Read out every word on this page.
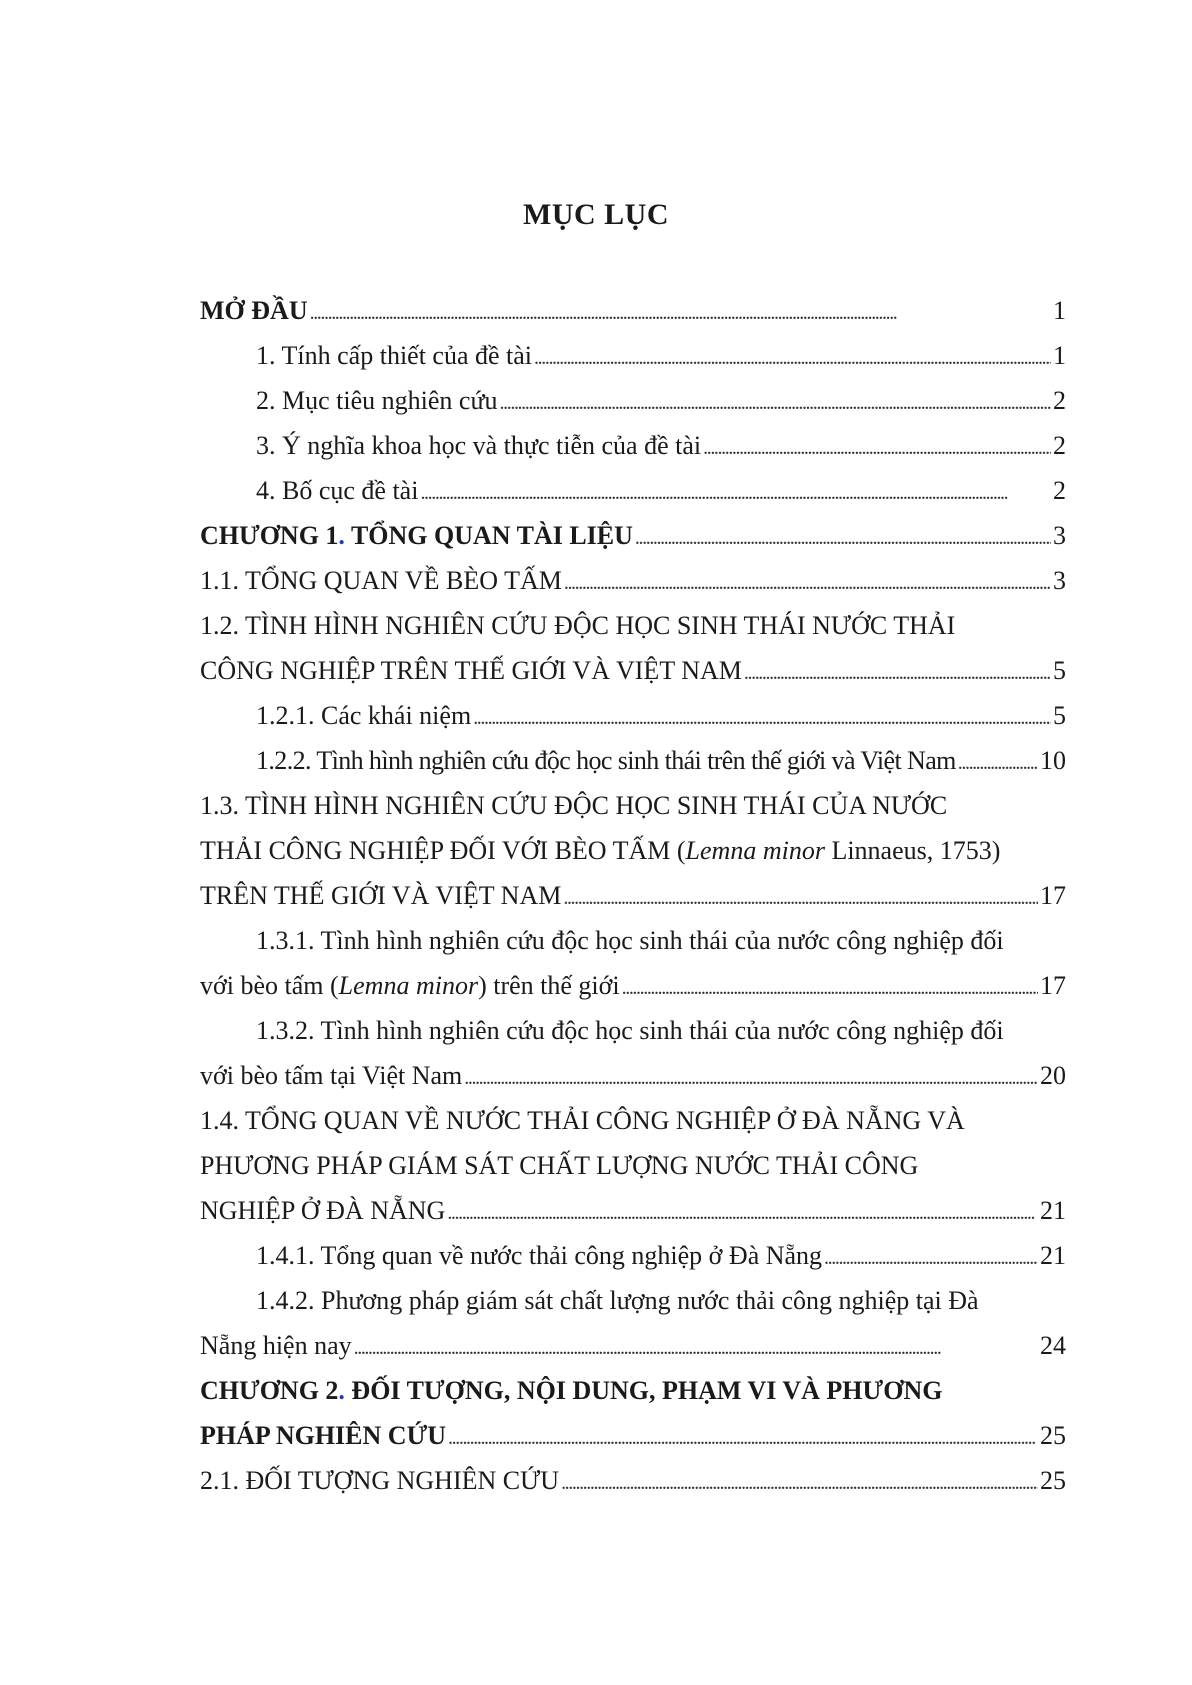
MỤC LỤC
MỞ ĐẦU . . .	1
1. Tính cấp thiết của đề tài . . .	1
2. Mục tiêu nghiên cứu . . .	2
3. Ý nghĩa khoa học và thực tiễn của đề tài . . .	2
4. Bố cục đề tài . . .	2
CHƯƠNG 1. TỔNG QUAN TÀI LIỆU . . .	3
1.1. TỔNG QUAN VỀ BÈO TẤM . . .	3
1.2. TÌNH HÌNH NGHIÊN CỨU ĐỘC HỌC SINH THÁI NƯỚC THẢI
CÔNG NGHIỆP TRÊN THẾ GIỚI VÀ VIỆT NAM . . .	5
1.2.1. Các khái niệm . . .	5
1.2.2. Tình hình nghiên cứu độc học sinh thái trên thế giới và Việt Nam . . .	10
1.3. TÌNH HÌNH NGHIÊN CỨU ĐỘC HỌC SINH THÁI CỦA NƯỚC
THẢI CÔNG NGHIỆP ĐỐI VỚI BÈO TẤM (Lemna minor Linnaeus, 1753)
TRÊN THẾ GIỚI VÀ VIỆT NAM . . .	17
1.3.1. Tình hình nghiên cứu độc học sinh thái của nước công nghiệp đối
với bèo tấm (Lemna minor) trên thế giới . . .	17
1.3.2. Tình hình nghiên cứu độc học sinh thái của nước công nghiệp đối
với bèo tấm tại Việt Nam . . .	20
1.4. TỔNG QUAN VỀ NƯỚC THẢI CÔNG NGHIỆP Ở ĐÀ NẴNG VÀ
PHƯƠNG PHÁP GIÁM SÁT CHẤT LƯỢNG NƯỚC THẢI CÔNG
NGHIỆP Ở ĐÀ NẴNG . . .	21
1.4.1. Tổng quan về nước thải công nghiệp ở Đà Nẵng . . .	21
1.4.2. Phương pháp giám sát chất lượng nước thải công nghiệp tại Đà
Nẵng hiện nay . . .	24
CHƯƠNG 2. ĐỐI TƯỢNG, NỘI DUNG, PHẠM VI VÀ PHƯƠNG
PHÁP NGHIÊN CỨU . . .	25
2.1. ĐỐI TƯỢNG NGHIÊN CỨU . . .	25
